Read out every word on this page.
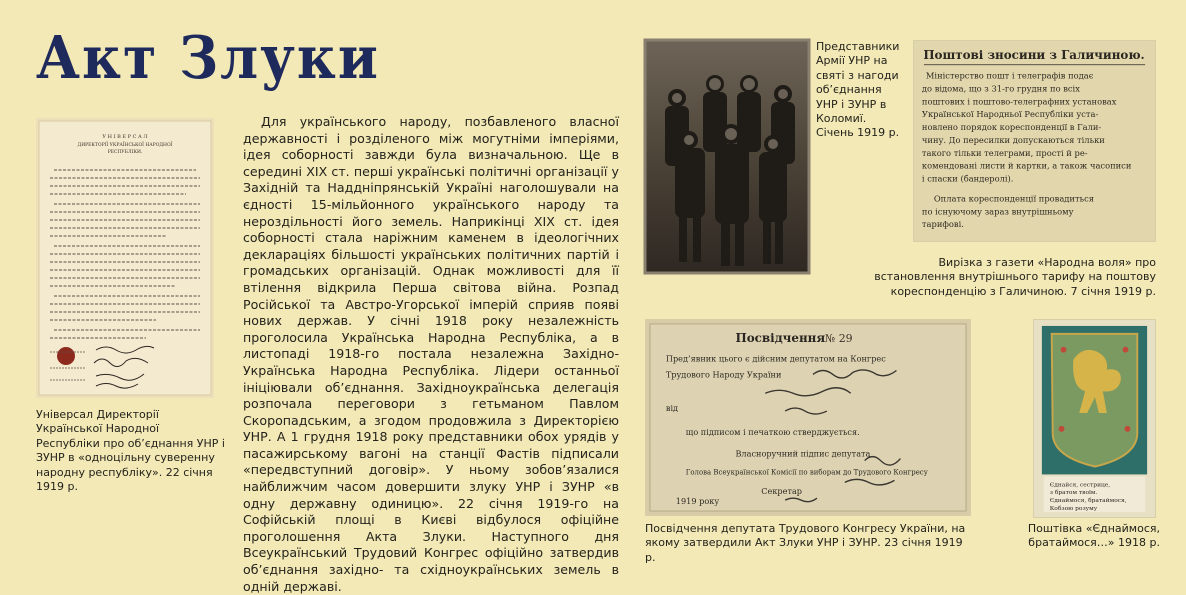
Акт Злуки
У Н І В Е Р С А Л
ДИРЕКТОРІЇ УКРАЇНСЬКОЇ НАРОДНОЇ
РЕСПУБЛІКИ.
Універсал Директорії Української Народної Республіки про об’єднання УНР і ЗУНР в «одноцільну суверенну народну республіку». 22 січня 1919 р.
Для українського народу, позбавленого власної державності і розділеного між могутніми імперіями, ідея соборності завжди була визначальною. Ще в середині ХІХ ст. перші українські політичні організації у Західній та Наддніпрянській Україні наголошували на єдності 15-мільйонного українського народу та нероздільності його земель. Наприкінці ХІХ ст. ідея соборності стала наріжним каменем в ідеологічних деклараціях більшості українських політичних партій і громадських організацій. Однак можливості для її втілення відкрила Перша світова війна. Розпад Російської та Австро-Угорської імперій сприяв появі нових держав. У січні 1918 року незалежність проголосила Українська Народна Республіка, а в листопаді 1918-го постала незалежна Західно-Українська Народна Республіка. Лідери останньої ініціювали об’єднання. Західноукраїнська делегація розпочала переговори з гетьманом Павлом Скоропадським, а згодом продовжила з Директорією УНР. А 1 грудня 1918 року представники обох урядів у пасажирському вагоні на станції Фастів підписали «передвступний договір». У ньому зобов’язалися найближчим часом довершити злуку УНР і ЗУНР «в одну державну одиницю». 22 січня 1919-го на Софійській площі в Києві відбулося офіційне проголошення Акта Злуки. Наступного дня Всеукраїнський Трудовий Конгрес офіційно затвердив об’єднання західно- та східноукраїнських земель в одній державі.
Представники Армії УНР на святі з нагоди об’єднання УНР і ЗУНР в Коломиї. Січень 1919 р.
Поштові зносини з Галичиною.
Міністерство пошт і телеграфів подає
до відома, що з 31-го грудня по всіх
поштових і поштово-телеграфних установах
Української Народньої Республіки уста-
новлено порядок кореспонденції в Гали-
чину. До пересилки допускаються тільки
такого тільки телеграми, прості й ре-
комендовані листи й картки, а також часописи
і спаски (бандеролі).
Оплата кореспонденції провадиться
по існуючому зараз внутрішньому
тарифові.
Вирізка з газети «Народна воля» про встановлення внутрішнього тарифу на поштову кореспонденцію з Галичиною. 7 січня 1919 р.
Посвідчення № 29
Пред’явник цього є дійсним депутатом на Конгрес
Трудового Народу України
від
що підписом і печаткою стверджується.
Власноручний підпис депутата
Голова Всеукраїнської Комісії по виборам до Трудового Конгресу
Секретар
1919 року
Посвідчення депутата Трудового Конгресу України, на якому затвердили Акт Злуки УНР і ЗУНР. 23 січня 1919 р.
Єднайся, сестрице,
з братом твоїм.
Єднаймося, братаймося,
Кобзою розуму
Поштівка «Єднаймося, братаймося…» 1918 р.
